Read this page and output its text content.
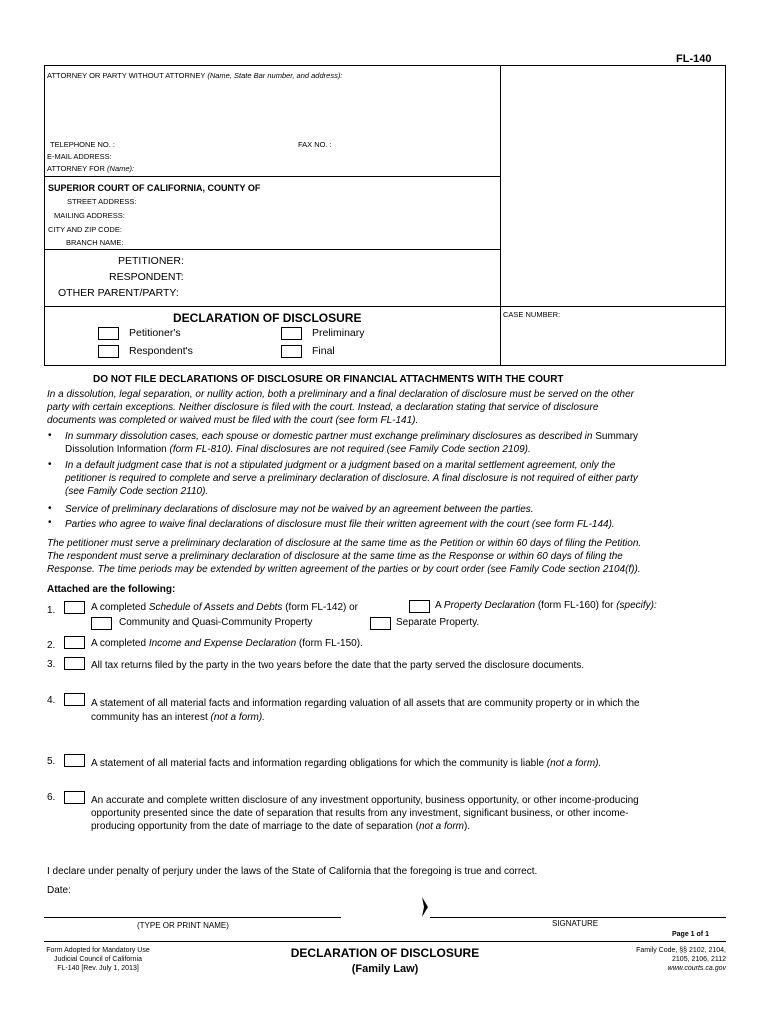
FL-140
ATTORNEY OR PARTY WITHOUT ATTORNEY (Name, State Bar number, and address):
TELEPHONE NO. :	FAX NO. :
E-MAIL ADDRESS:
ATTORNEY FOR (Name):
SUPERIOR COURT OF CALIFORNIA, COUNTY OF
STREET ADDRESS:
MAILING ADDRESS:
CITY AND ZIP CODE:
BRANCH NAME:
PETITIONER:
RESPONDENT:
OTHER PARENT/PARTY:
DECLARATION OF DISCLOSURE
Petitioner's
Respondent's
Preliminary
Final
CASE NUMBER:
DO NOT FILE DECLARATIONS OF DISCLOSURE OR FINANCIAL ATTACHMENTS WITH THE COURT
In a dissolution, legal separation, or nullity action, both a preliminary and a final declaration of disclosure must be served on the other
party with certain exceptions. Neither disclosure is filed with the court. Instead, a declaration stating that service of disclosure
documents was completed or waived must be filed with the court (see form FL-141).
• In summary dissolution cases, each spouse or domestic partner must exchange preliminary disclosures as described in Summary
Dissolution Information (form FL-810). Final disclosures are not required (see Family Code section 2109).
• In a default judgment case that is not a stipulated judgment or a judgment based on a marital settlement agreement, only the
petitioner is required to complete and serve a preliminary declaration of disclosure. A final disclosure is not required of either party
(see Family Code section 2110).
• Service of preliminary declarations of disclosure may not be waived by an agreement between the parties.
• Parties who agree to waive final declarations of disclosure must file their written agreement with the court (see form FL-144).
The petitioner must serve a preliminary declaration of disclosure at the same time as the Petition or within 60 days of filing the Petition.
The respondent must serve a preliminary declaration of disclosure at the same time as the Response or within 60 days of filing the
Response. The time periods may be extended by written agreement of the parties or by court order (see Family Code section 2104(f)).
Attached are the following:
1.	A completed Schedule of Assets and Debts (form FL-142) or	A Property Declaration (form FL-160) for (specify):
Community and Quasi-Community Property	Separate Property.
2.	A completed Income and Expense Declaration (form FL-150).
3.	All tax returns filed by the party in the two years before the date that the party served the disclosure documents.
4.	A statement of all material facts and information regarding valuation of all assets that are community property or in which the
community has an interest (not a form).
5.	A statement of all material facts and information regarding obligations for which the community is liable (not a form).
6.	An accurate and complete written disclosure of any investment opportunity, business opportunity, or other income-producing
opportunity presented since the date of separation that results from any investment, significant business, or other income-
producing opportunity from the date of marriage to the date of separation (not a form).
I declare under penalty of perjury under the laws of the State of California that the foregoing is true and correct.
Date:
(TYPE OR PRINT NAME)	SIGNATURE
Page 1 of 1
Form Adopted for Mandatory Use
Judicial Council of California
FL-140 [Rev. July 1, 2013]
DECLARATION OF DISCLOSURE
(Family Law)
Family Code, §§ 2102, 2104,
2105, 2106, 2112
www.courts.ca.gov
